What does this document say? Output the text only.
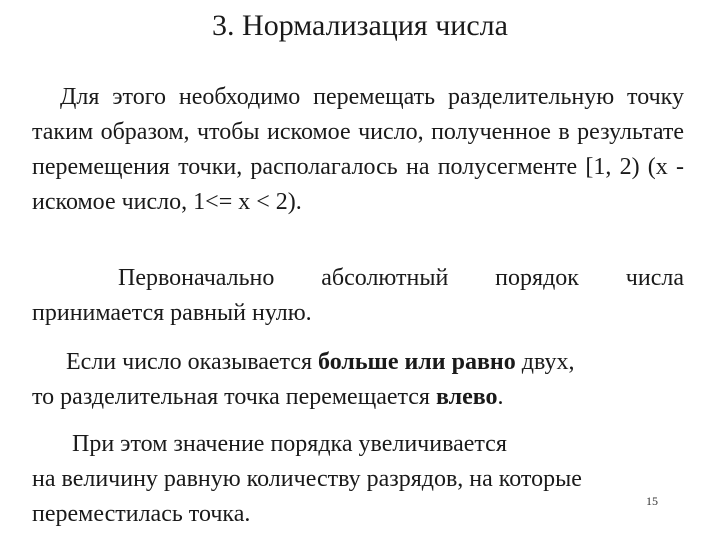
3. Нормализация числа

Для этого необходимо перемещать разделительную точку таким образом, чтобы искомое число, полученное в результате перемещения точки, располагалось на полусегменте [1, 2) (x - искомое число, 1<= x < 2).

Первоначально абсолютный порядок числа принимается равный нулю.

Если число оказывается больше или равно двух,
то разделительная точка перемещается влево.

При этом значение порядка увеличивается
на величину равную количеству разрядов, на которые
переместилась точка.	15
